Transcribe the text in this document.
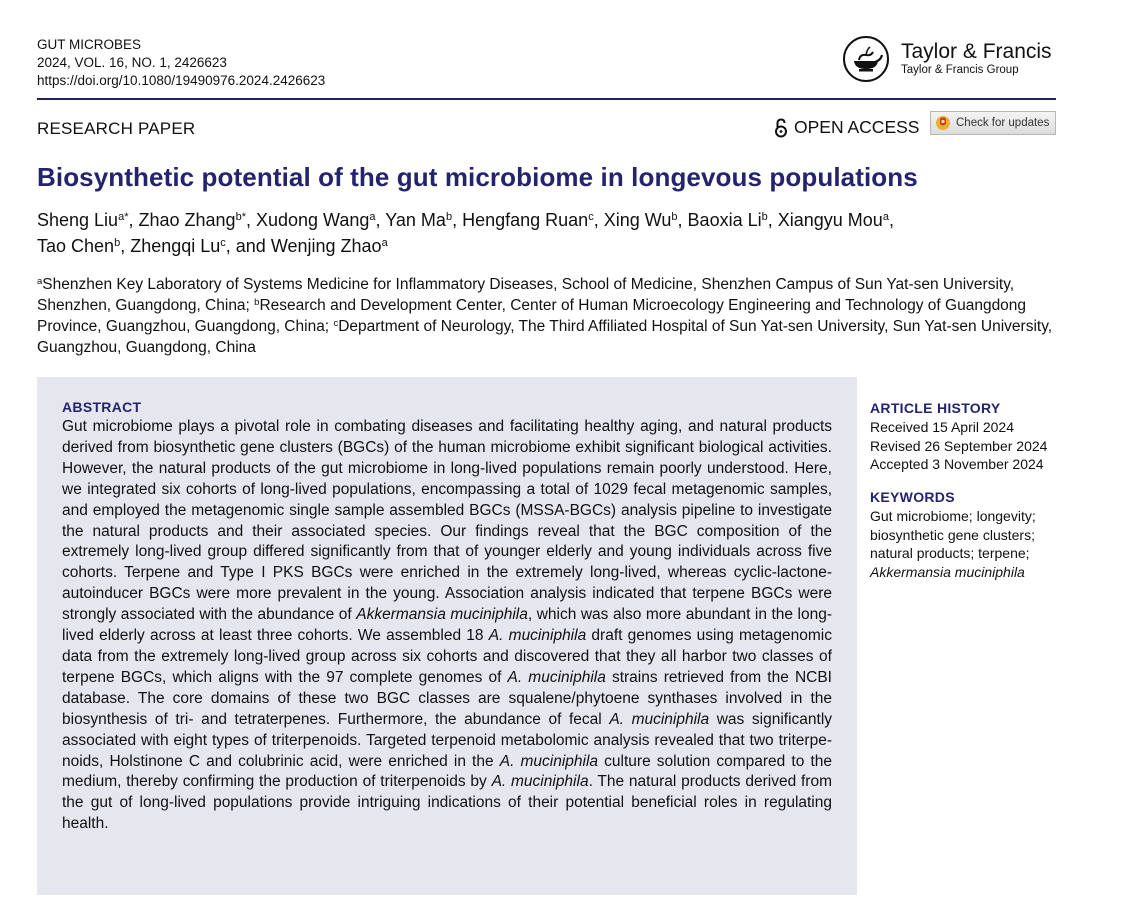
GUT MICROBES
2024, VOL. 16, NO. 1, 2426623
https://doi.org/10.1080/19490976.2024.2426623
Taylor & Francis
Taylor & Francis Group
RESEARCH PAPER	OPEN ACCESS	Check for updates
Biosynthetic potential of the gut microbiome in longevous populations
Sheng Liu$^{a*}$, Zhao Zhang$^{b*}$, Xudong Wang$^a$, Yan Ma$^b$, Hengfang Ruan$^c$, Xing Wu$^b$, Baoxia Li$^b$, Xiangyu Mou$^a$,
Tao Chen$^b$, Zhengqi Lu$^c$, and Wenjing Zhao$^a$
$^a$Shenzhen Key Laboratory of Systems Medicine for Inflammatory Diseases, School of Medicine, Shenzhen Campus of Sun Yat-sen University, Shenzhen, Guangdong, China; $^b$Research and Development Center, Center of Human Microecology Engineering and Technology of Guangdong Province, Guangzhou, Guangdong, China; $^c$Department of Neurology, The Third Affiliated Hospital of Sun Yat-sen University, Sun Yat-sen University, Guangzhou, Guangdong, China
ABSTRACT
Gut microbiome plays a pivotal role in combating diseases and facilitating healthy aging, and natural products derived from biosynthetic gene clusters (BGCs) of the human microbiome exhibit significant biological activities. However, the natural products of the gut microbiome in long-lived populations remain poorly understood. Here, we integrated six cohorts of long-lived populations, encompassing a total of 1029 fecal metagenomic samples, and employed the metagenomic single sample assembled BGCs (MSSA-BGCs) analysis pipeline to investigate the natural products and their associated species. Our findings reveal that the BGC composition of the extremely long-lived group differed significantly from that of younger elderly and young individuals across five cohorts. Terpene and Type I PKS BGCs were enriched in the extremely long-lived, whereas cyclic-lactone-autoinducer BGCs were more prevalent in the young. Association analysis indicated that terpene BGCs were strongly associated with the abundance of Akkermansia muciniphila, which was also more abundant in the long-lived elderly across at least three cohorts. We assembled 18 A. muciniphila draft genomes using metagenomic data from the extremely long-lived group across six cohorts and discovered that they all harbor two classes of terpene BGCs, which aligns with the 97 complete genomes of A. muciniphila strains retrieved from the NCBI database. The core domains of these two BGC classes are squalene/phytoene synthases involved in the biosynthesis of tri- and tetraterpenes. Furthermore, the abundance of fecal A. muciniphila was significantly associated with eight types of triterpenoids. Targeted terpenoid metabolomic analysis revealed that two triterpenoids, Holstinone C and colubrinic acid, were enriched in the A. muciniphila culture solution compared to the medium, thereby confirming the production of triterpenoids by A. muciniphila. The natural products derived from the gut of long-lived populations provide intriguing indications of their potential beneficial roles in regulating health.
ARTICLE HISTORY
Received 15 April 2024
Revised 26 September 2024
Accepted 3 November 2024
KEYWORDS
Gut microbiome; longevity;
biosynthetic gene clusters;
natural products; terpene;
Akkermansia muciniphila
